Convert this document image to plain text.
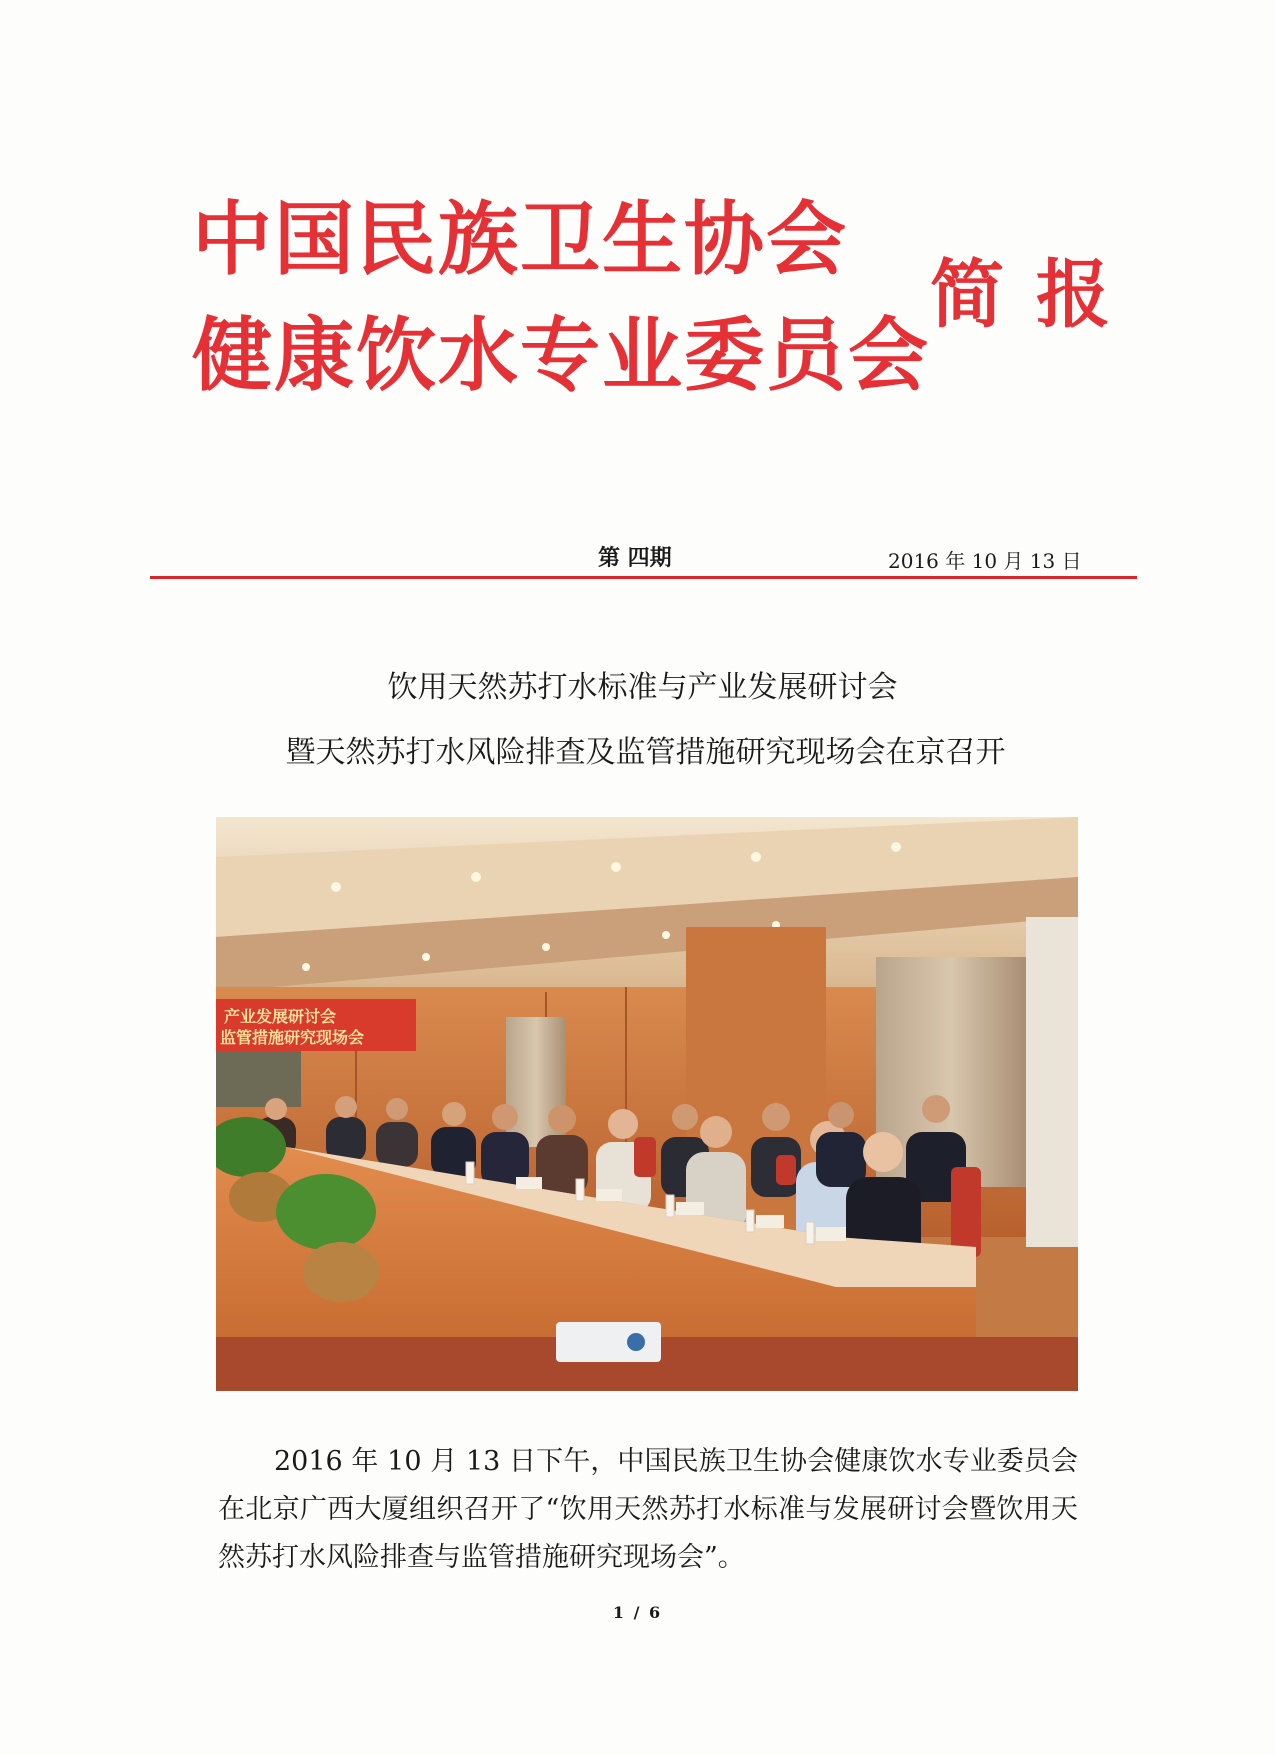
中国民族卫生协会
健康饮水专业委员会
简报
第 四期	2016 年 10 月 13 日
饮用天然苏打水标准与产业发展研讨会
暨天然苏打水风险排查及监管措施研究现场会在京召开
产业发展研讨会
监管措施研究现场会
2016 年 10 月 13 日下午，中国民族卫生协会健康饮水专业委员会在北京广西大厦组织召开了“饮用天然苏打水标准与发展研讨会暨饮用天然苏打水风险排查与监管措施研究现场会”。
1 / 6
